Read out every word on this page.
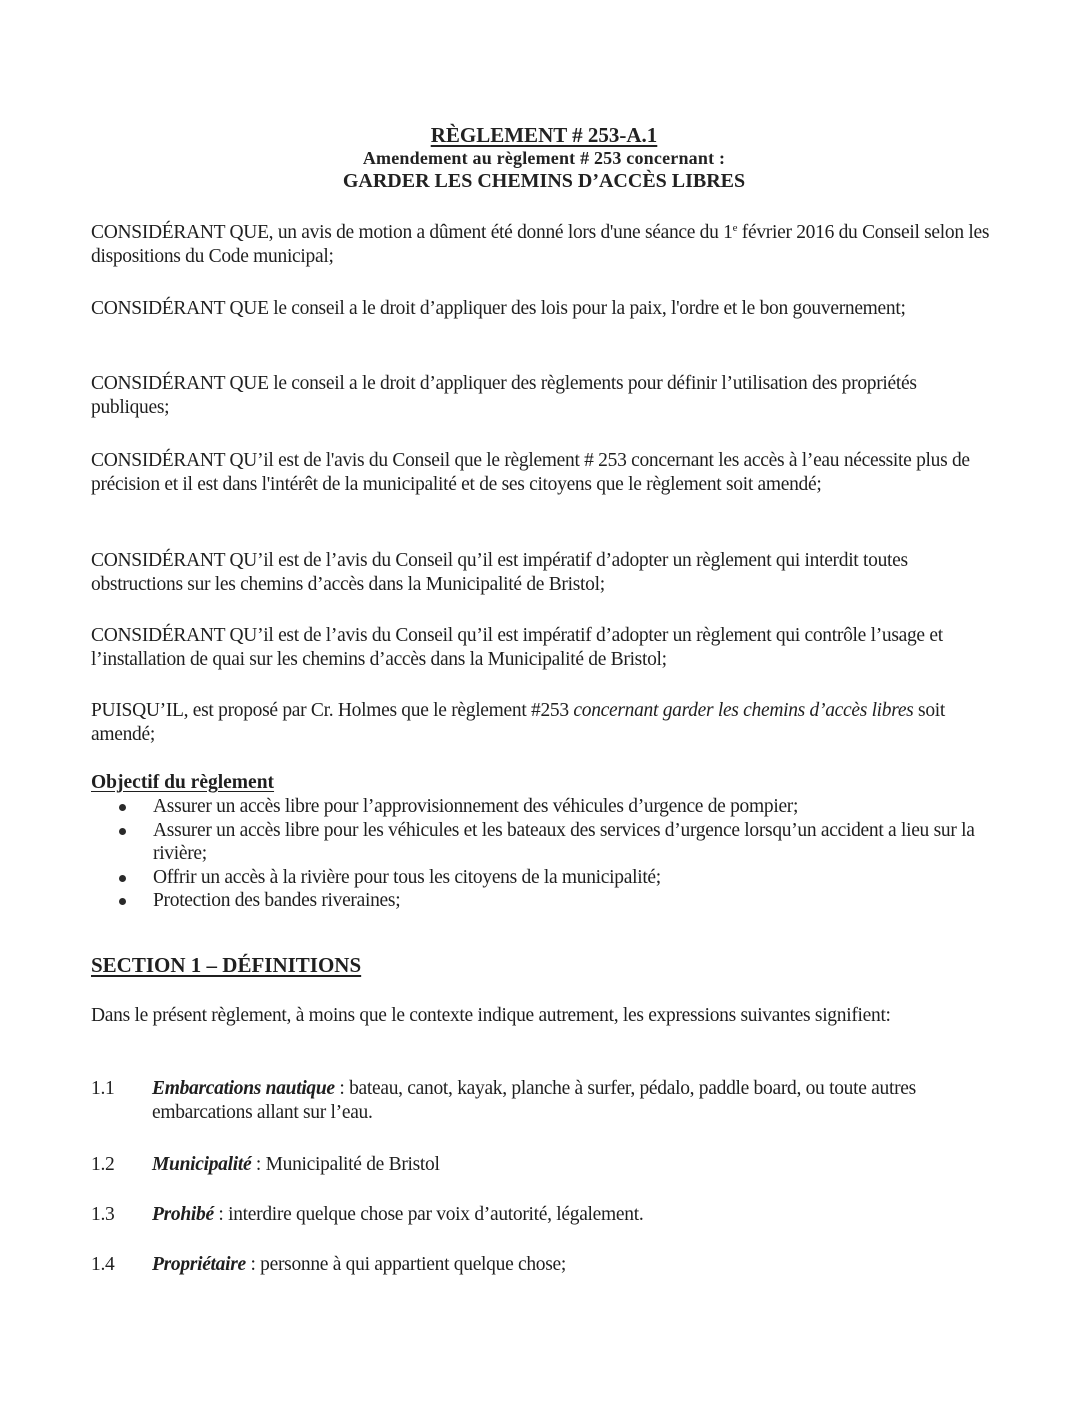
RÈGLEMENT # 253-A.1
Amendement au règlement # 253 concernant :
GARDER LES CHEMINS D’ACCÈS LIBRES
CONSIDÉRANT QUE, un avis de motion a dûment été donné lors d'une séance du 1e février 2016 du Conseil selon les dispositions du Code municipal;
CONSIDÉRANT QUE le conseil a le droit d’appliquer des lois pour la paix, l'ordre et le bon gouvernement;
CONSIDÉRANT QUE le conseil a le droit d’appliquer des règlements pour définir l’utilisation des propriétés publiques;
CONSIDÉRANT QU’il est de l'avis du Conseil que le règlement # 253 concernant les accès à l’eau nécessite plus de précision et il est dans l'intérêt de la municipalité et de ses citoyens que le règlement soit amendé;
CONSIDÉRANT QU’il est de l’avis du Conseil qu’il est impératif d’adopter un règlement qui interdit toutes obstructions sur les chemins d’accès dans la Municipalité de Bristol;
CONSIDÉRANT QU’il est de l’avis du Conseil qu’il est impératif d’adopter un règlement qui contrôle l’usage et l’installation de quai sur les chemins d’accès dans la Municipalité de Bristol;
PUISQU’IL, est proposé par Cr. Holmes que le règlement #253 concernant garder les chemins d’accès libres soit amendé;
Objectif du règlement
Assurer un accès libre pour l’approvisionnement des véhicules d’urgence de pompier;
Assurer un accès libre pour les véhicules et les bateaux des services d’urgence lorsqu’un accident a lieu sur la rivière;
Offrir un accès à la rivière pour tous les citoyens de la municipalité;
Protection des bandes riveraines;
SECTION 1 – DÉFINITIONS
Dans le présent règlement, à moins que le contexte indique autrement, les expressions suivantes signifient:
1.1 Embarcations nautique : bateau, canot, kayak, planche à surfer, pédalo, paddle board, ou toute autres embarcations allant sur l’eau.
1.2 Municipalité : Municipalité de Bristol
1.3 Prohibé : interdire quelque chose par voix d’autorité, légalement.
1.4 Propriétaire : personne à qui appartient quelque chose;
